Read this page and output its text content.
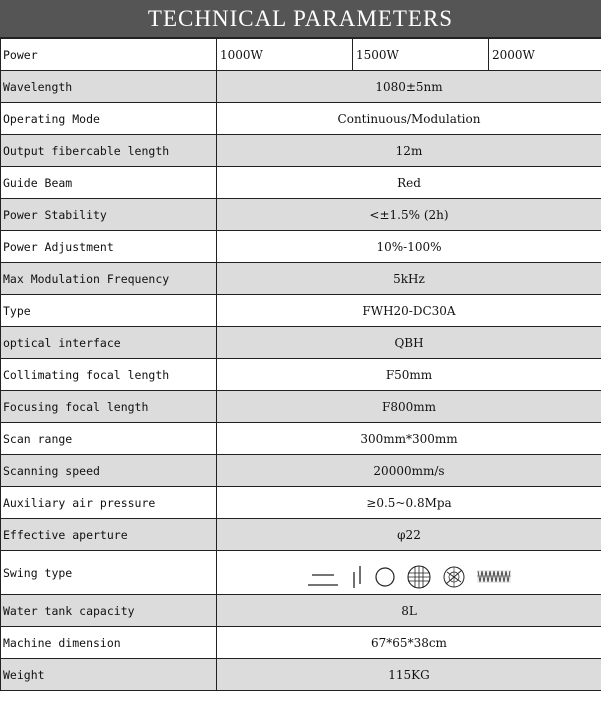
TECHNICAL PARAMETERS
Power	1000W	1500W	2000W
Wavelength	1080±5nm		
Operating Mode	Continuous/Modulation		
Output fibercable length	12m		
Guide Beam	Red		
Power Stability	<±1.5% (2h)		
Power Adjustment	10%-100%		
Max Modulation Frequency	5kHz		
Type	FWH20-DC30A		
optical interface	QBH		
Collimating focal length	F50mm		
Focusing focal length	F800mm		
Scan range	300mm*300mm		
Scanning speed	20000mm/s		
Auxiliary air pressure	≥0.5~0.8Mpa		
Effective aperture	φ22		
Swing type	

Water tank capacity	8L		
Machine dimension	67*65*38cm		
Weight	115KG		
